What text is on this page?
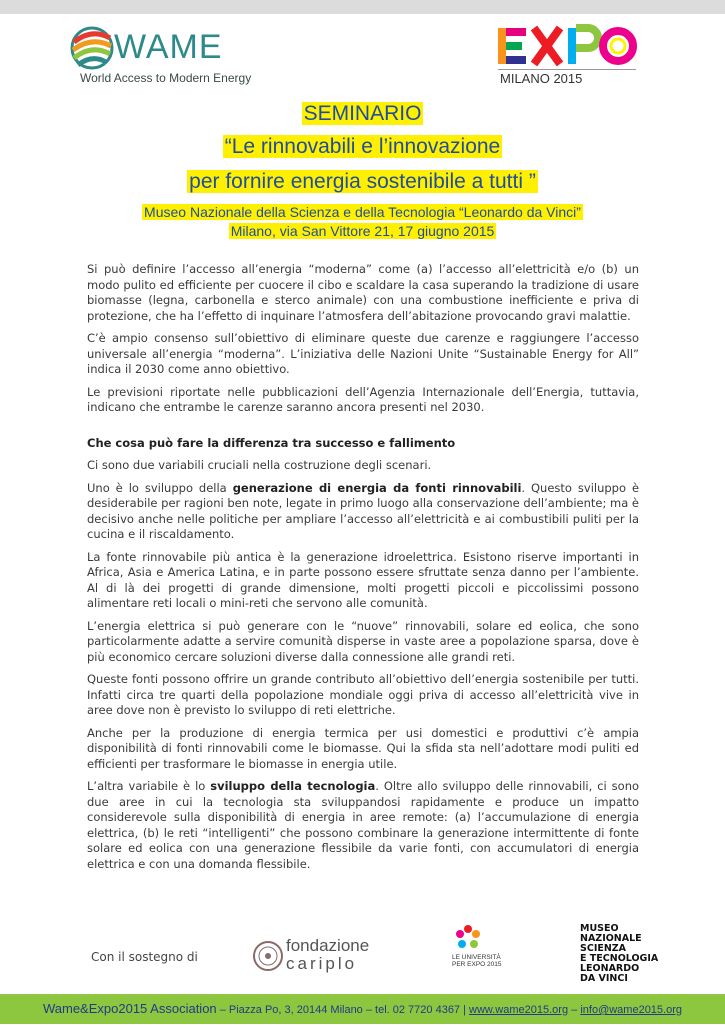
WAME
World Access to Modern Energy	MILANO 2015
SEMINARIO
“Le rinnovabili e l’innovazione
per fornire energia sostenibile a tutti ”
Museo Nazionale della Scienza e della Tecnologia “Leonardo da Vinci”
Milano, via San Vittore 21, 17 giugno 2015

Si può definire l’accesso all’energia “moderna” come (a) l’accesso all’elettricità e/o (b) un modo pulito ed efficiente per cuocere il cibo e scaldare la casa superando la tradizione di usare biomasse (legna, carbonella e sterco animale) con una combustione inefficiente e priva di protezione, che ha l’effetto di inquinare l’atmosfera dell’abitazione provocando gravi malattie.

C’è ampio consenso sull’obiettivo di eliminare queste due carenze e raggiungere l’accesso universale all’energia “moderna”. L’iniziativa delle Nazioni Unite “Sustainable Energy for All” indica il 2030 come anno obiettivo.

Le previsioni riportate nelle pubblicazioni dell’Agenzia Internazionale dell’Energia, tuttavia, indicano che entrambe le carenze saranno ancora presenti nel 2030.

Che cosa può fare la differenza tra successo e fallimento

Ci sono due variabili cruciali nella costruzione degli scenari.

Uno è lo sviluppo della generazione di energia da fonti rinnovabili. Questo sviluppo è desiderabile per ragioni ben note, legate in primo luogo alla conservazione dell’ambiente; ma è decisivo anche nelle politiche per ampliare l’accesso all’elettricità e ai combustibili puliti per la cucina e il riscaldamento.

La fonte rinnovabile più antica è la generazione idroelettrica. Esistono riserve importanti in Africa, Asia e America Latina, e in parte possono essere sfruttate senza danno per l’ambiente. Al di là dei progetti di grande dimensione, molti progetti piccoli e piccolissimi possono alimentare reti locali o mini-reti che servono alle comunità.

L’energia elettrica si può generare con le “nuove” rinnovabili, solare ed eolica, che sono particolarmente adatte a servire comunità disperse in vaste aree a popolazione sparsa, dove è più economico cercare soluzioni diverse dalla connessione alle grandi reti.

Queste fonti possono offrire un grande contributo all’obiettivo dell’energia sostenibile per tutti. Infatti circa tre quarti della popolazione mondiale oggi priva di accesso all’elettricità vive in aree dove non è previsto lo sviluppo di reti elettriche.

Anche per la produzione di energia termica per usi domestici e produttivi c’è ampia disponibilità di fonti rinnovabili come le biomasse. Qui la sfida sta nell’adottare modi puliti ed efficienti per trasformare le biomasse in energia utile.

L’altra variabile è lo sviluppo della tecnologia. Oltre allo sviluppo delle rinnovabili, ci sono due aree in cui la tecnologia sta sviluppandosi rapidamente e produce un impatto considerevole sulla disponibilità di energia in aree remote: (a) l’accumulazione di energia elettrica, (b) le reti “intelligenti” che possono combinare la generazione intermittente di fonte solare ed eolica con una generazione flessibile da varie fonti, con accumulatori di energia elettrica e con una domanda flessibile.

Con il sostegno di
fondazione
cariplo	LE UNIVERSITÀ
PER EXPO 2015
MUSEO
NAZIONALE
SCIENZA
E TECNOLOGIA
LEONARDO
DA VINCI
Wame&Expo2015 Association – Piazza Po, 3, 20144 Milano – tel. 02 7720 4367 | www.wame2015.org – info@wame2015.org
